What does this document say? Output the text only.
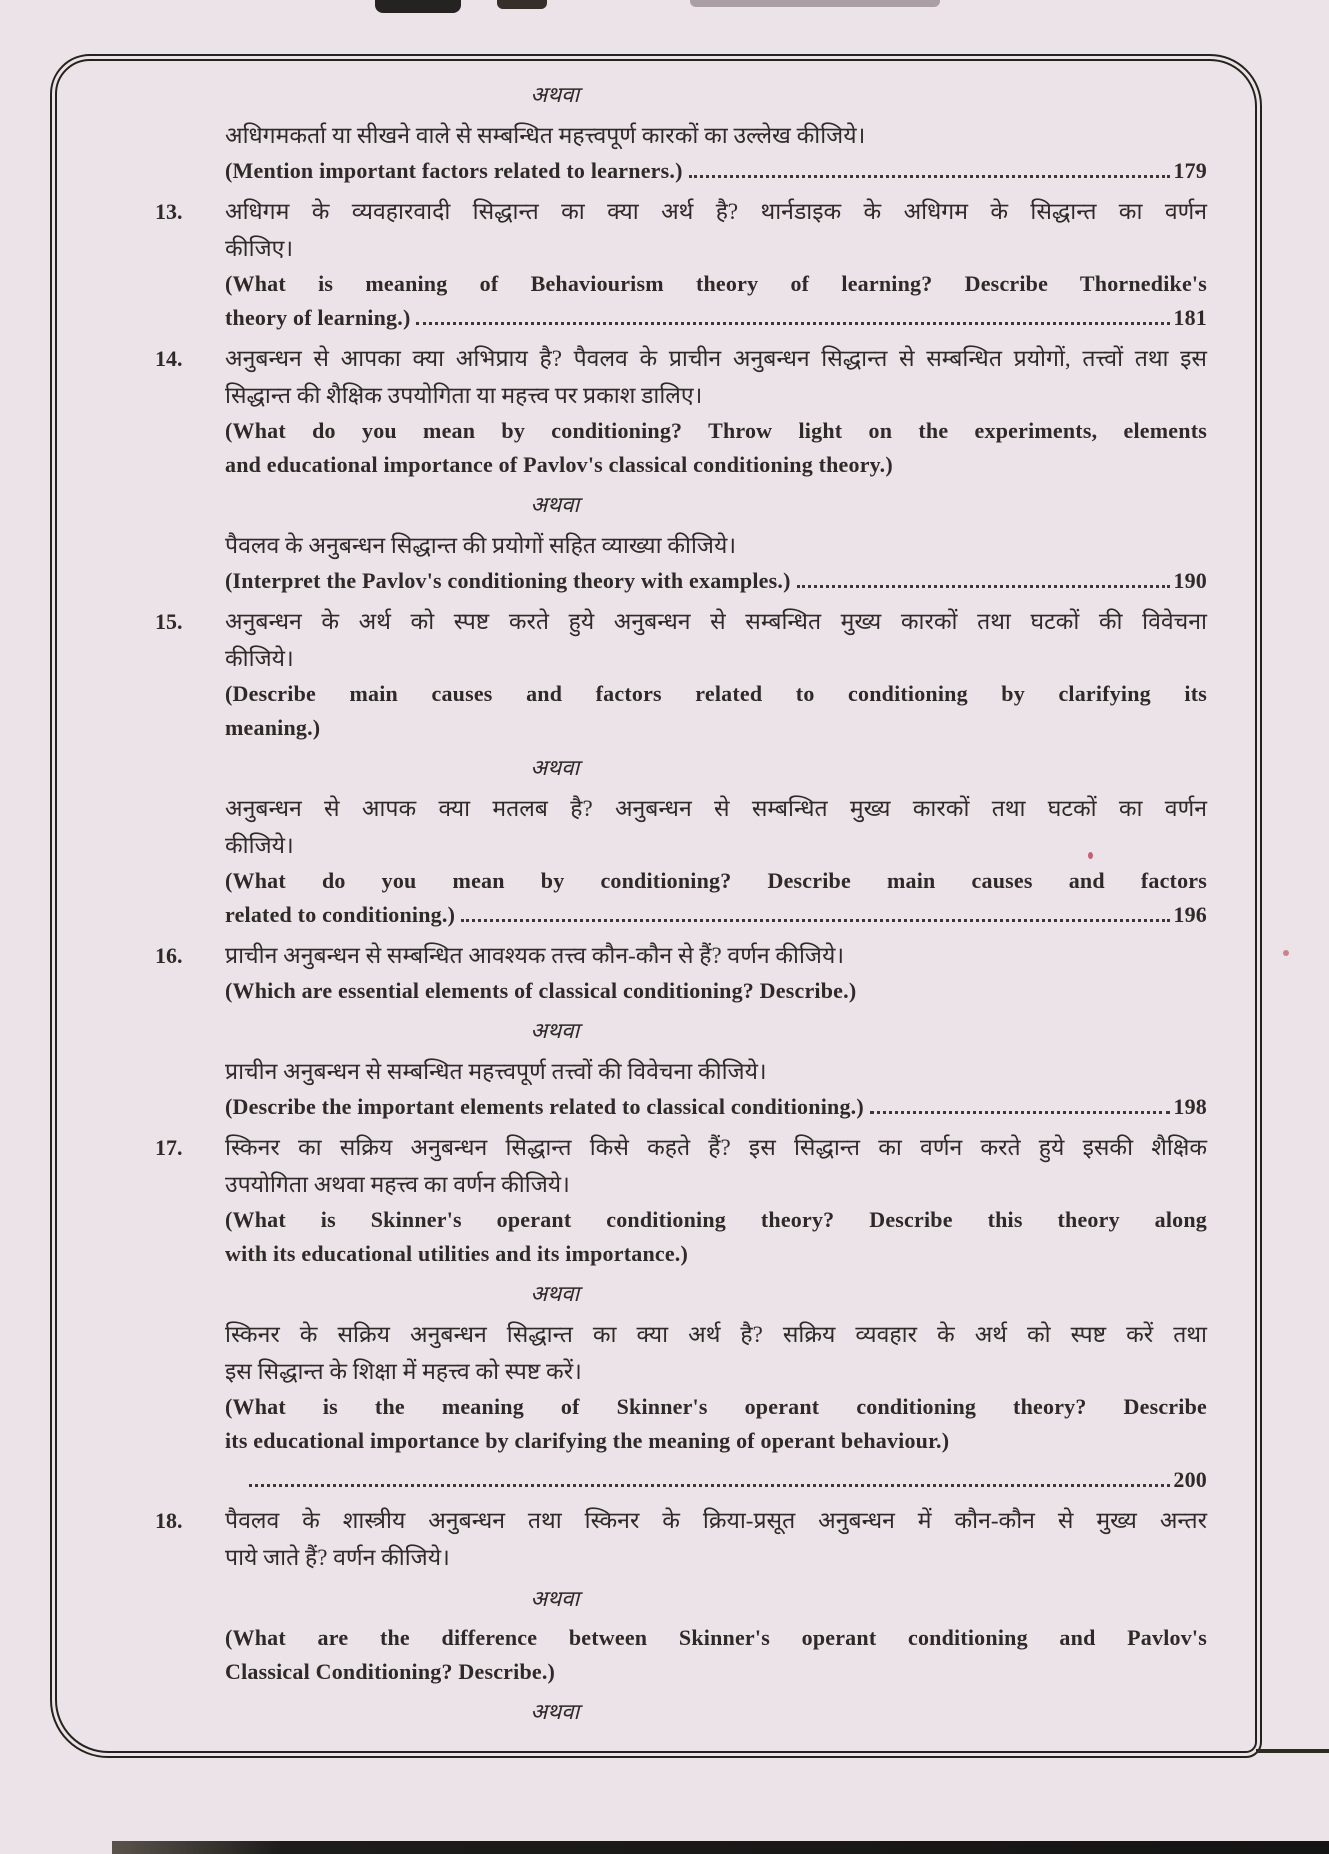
अथवा
अधिगमकर्ता या सीखने वाले से सम्बन्धित महत्त्वपूर्ण कारकों का उल्लेख कीजिये।
(Mention important factors related to learners.)	179
13.	अधिगम के व्यवहारवादी सिद्धान्त का क्या अर्थ है? थार्नडाइक के अधिगम के सिद्धान्त का वर्णन
कीजिए।
(What is meaning of Behaviourism theory of learning? Describe Thornedike's
theory of learning.)	181
14.	अनुबन्धन से आपका क्या अभिप्राय है? पैवलव के प्राचीन अनुबन्धन सिद्धान्त से सम्बन्धित प्रयोगों, तत्त्वों तथा इस
सिद्धान्त की शैक्षिक उपयोगिता या महत्त्व पर प्रकाश डालिए।
(What do you mean by conditioning? Throw light on the experiments, elements
and educational importance of Pavlov's classical conditioning theory.)
अथवा
पैवलव के अनुबन्धन सिद्धान्त की प्रयोगों सहित व्याख्या कीजिये।
(Interpret the Pavlov's conditioning theory with examples.)	190
15.	अनुबन्धन के अर्थ को स्पष्ट करते हुये अनुबन्धन से सम्बन्धित मुख्य कारकों तथा घटकों की विवेचना
कीजिये।
(Describe main causes and factors related to conditioning by clarifying its
meaning.)
अथवा
अनुबन्धन से आपक क्या मतलब है? अनुबन्धन से सम्बन्धित मुख्य कारकों तथा घटकों का वर्णन
कीजिये।
(What do you mean by conditioning? Describe main causes and factors
related to conditioning.)	196
16.	प्राचीन अनुबन्धन से सम्बन्धित आवश्यक तत्त्व कौन-कौन से हैं? वर्णन कीजिये।
(Which are essential elements of classical conditioning? Describe.)
अथवा
प्राचीन अनुबन्धन से सम्बन्धित महत्त्वपूर्ण तत्त्वों की विवेचना कीजिये।
(Describe the important elements related to classical conditioning.)	198
17.	स्किनर का सक्रिय अनुबन्धन सिद्धान्त किसे कहते हैं? इस सिद्धान्त का वर्णन करते हुये इसकी शैक्षिक
उपयोगिता अथवा महत्त्व का वर्णन कीजिये।
(What is Skinner's operant conditioning theory? Describe this theory along
with its educational utilities and its importance.)
अथवा
स्किनर के सक्रिय अनुबन्धन सिद्धान्त का क्या अर्थ है? सक्रिय व्यवहार के अर्थ को स्पष्ट करें तथा
इस सिद्धान्त के शिक्षा में महत्त्व को स्पष्ट करें।
(What is the meaning of Skinner's operant conditioning theory? Describe
its educational importance by clarifying the meaning of operant behaviour.)
200
18.	पैवलव के शास्त्रीय अनुबन्धन तथा स्किनर के क्रिया-प्रसूत अनुबन्धन में कौन-कौन से मुख्य अन्तर
पाये जाते हैं? वर्णन कीजिये।
अथवा
(What are the difference between Skinner's operant conditioning and Pavlov's
Classical Conditioning? Describe.)
अथवा
